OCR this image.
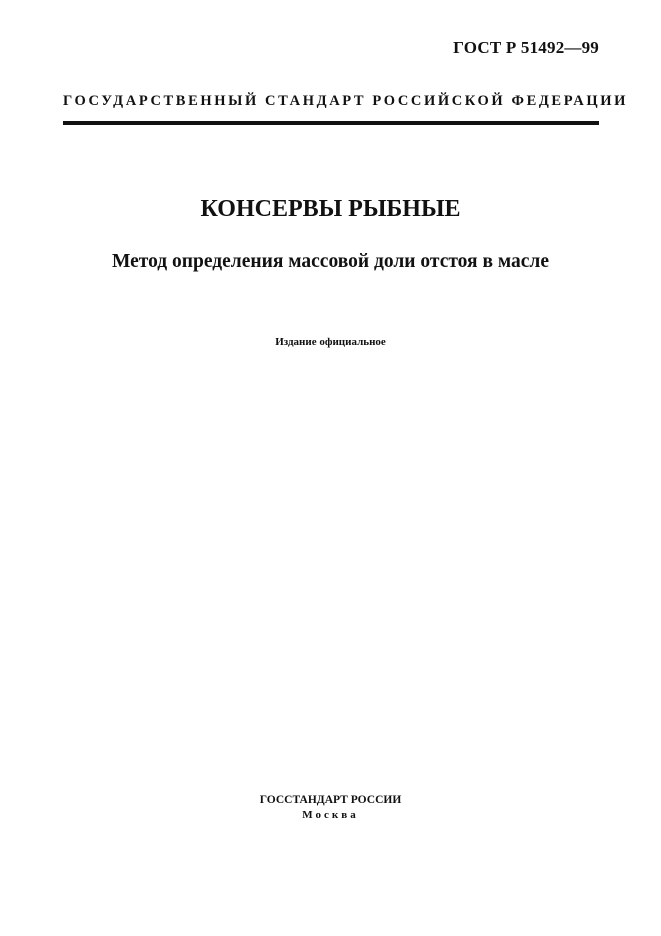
ГОСТ Р 51492—99
ГОСУДАРСТВЕННЫЙ СТАНДАРТ РОССИЙСКОЙ ФЕДЕРАЦИИ
КОНСЕРВЫ РЫБНЫЕ
Метод определения массовой доли отстоя в масле
Издание официальное
ГОССТАНДАРТ РОССИИ
Москва
